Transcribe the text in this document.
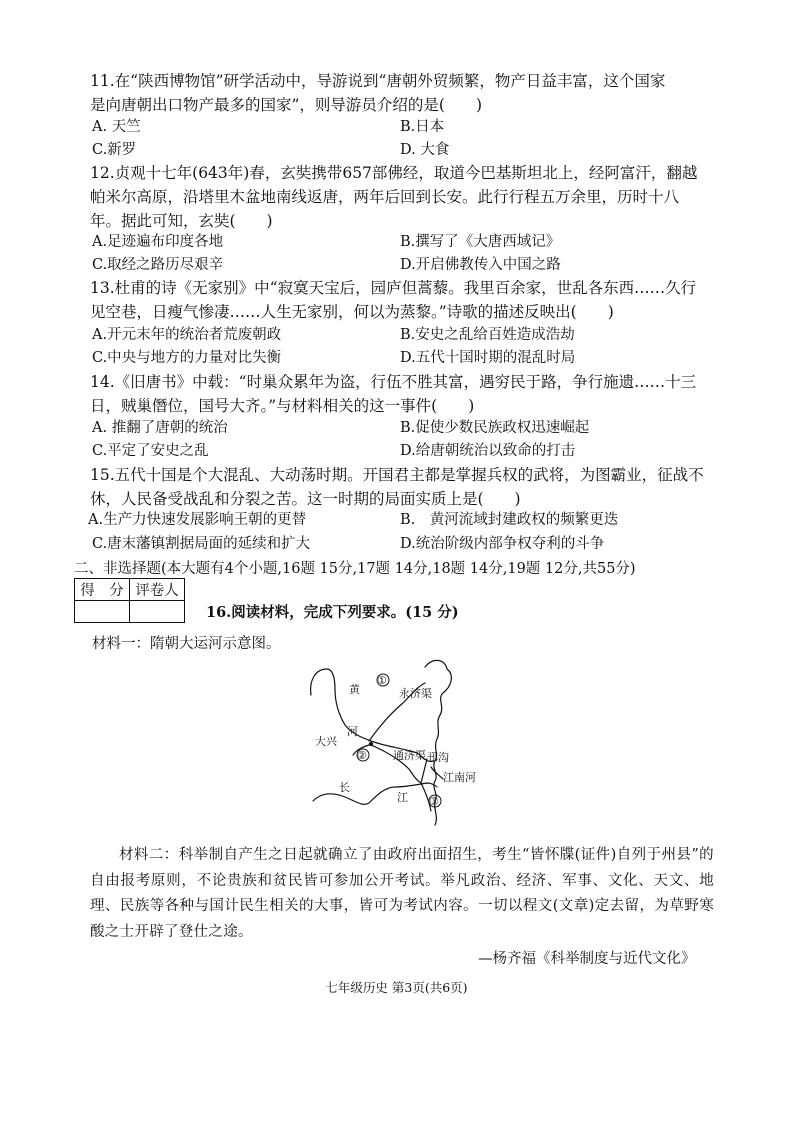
11.在“陕西博物馆”研学活动中，导游说到“唐朝外贸频繁，物产日益丰富，这个国家
是向唐朝出口物产最多的国家”，则导游员介绍的是(　　)
A. 天竺	B.日本
C.新罗	D. 大食
12.贞观十七年(643年)春，玄奘携带657部佛经，取道今巴基斯坦北上，经阿富汗，翻越
帕米尔高原，沿塔里木盆地南线返唐，两年后回到长安。此行行程五万余里，历时十八
年。据此可知，玄奘(　　)
A.足迹遍布印度各地	B.撰写了《大唐西域记》
C.取经之路历尽艰辛	D.开启佛教传入中国之路
13.杜甫的诗《无家别》中“寂寞天宝后，园庐但蒿藜。我里百余家，世乱各东西……久行
见空巷，日瘦气惨凄……人生无家别，何以为蒸黎。”诗歌的描述反映出(　　)
A.开元末年的统治者荒废朝政	B.安史之乱给百姓造成浩劫
C.中央与地方的力量对比失衡	D.五代十国时期的混乱时局
14.《旧唐书》中载：“时巢众累年为盗，行伍不胜其富，遇穷民于路，争行施遗……十三
日，贼巢僭位，国号大齐。”与材料相关的这一事件(　　)
A. 推翻了唐朝的统治	B.促使少数民族政权迅速崛起
C.平定了安史之乱	D.给唐朝统治以致命的打击
15.五代十国是个大混乱、大动荡时期。开国君主都是掌握兵权的武将，为图霸业，征战不
休，人民备受战乱和分裂之苦。这一时期的局面实质上是(　　)
A.生产力快速发展影响王朝的更替	B.　黄河流域封建政权的频繁更迭
C.唐末藩镇割据局面的延续和扩大	D.统治阶级内部争权夺利的斗争
二、非选择题(本大题有4个小题,16题 15分,17题 14分,18题 14分,19题 12分,共55分)
得　分	评卷人

16.阅读材料，完成下列要求。(15 分)
材料一：隋朝大运河示意图。
黄
河
永济渠
大兴
通济渠 邗沟
江南河
长
江
①
②
③
材料二：科举制自产生之日起就确立了由政府出面招生，考生“皆怀牒(证件)自列于州县”的自由报考原则，不论贵族和贫民皆可参加公开考试。举凡政治、经济、军事、文化、天文、地理、民族等各种与国计民生相关的大事，皆可为考试内容。一切以程文(文章)定去留，为草野寒酸之士开辟了登仕之途。
—杨齐福《科举制度与近代文化》
七年级历史 第3页(共6页)
